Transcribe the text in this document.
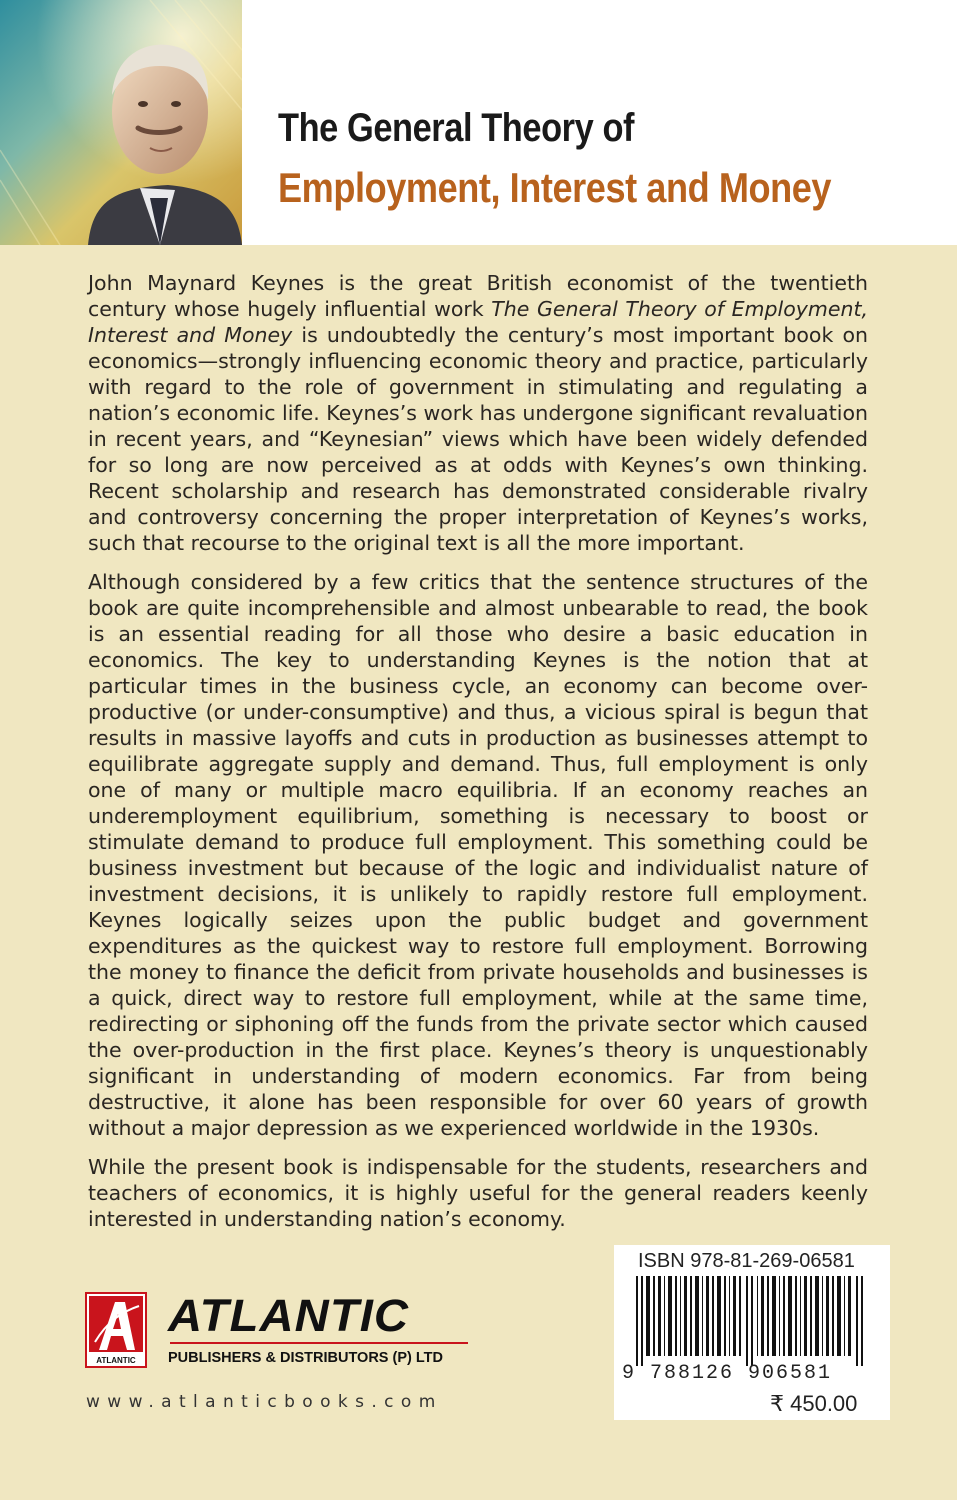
The General Theory of
Employment, Interest and Money

John Maynard Keynes is the great British economist of the twentieth century whose hugely influential work The General Theory of Employment, Interest and Money is undoubtedly the century’s most important book on economics—strongly influencing economic theory and practice, particularly with regard to the role of government in stimulating and regulating a nation’s economic life. Keynes’s work has undergone significant revaluation in recent years, and “Keynesian” views which have been widely defended for so long are now perceived as at odds with Keynes’s own thinking. Recent scholarship and research has demonstrated considerable rivalry and controversy concerning the proper interpretation of Keynes’s works, such that recourse to the original text is all the more important.

Although considered by a few critics that the sentence structures of the book are quite incomprehensible and almost unbearable to read, the book is an essential reading for all those who desire a basic education in economics. The key to understanding Keynes is the notion that at particular times in the business cycle, an economy can become over-productive (or under-consumptive) and thus, a vicious spiral is begun that results in massive layoffs and cuts in production as businesses attempt to equilibrate aggregate supply and demand. Thus, full employment is only one of many or multiple macro equilibria. If an economy reaches an underemployment equilibrium, something is necessary to boost or stimulate demand to produce full employment. This something could be business investment but because of the logic and individualist nature of investment decisions, it is unlikely to rapidly restore full employment. Keynes logically seizes upon the public budget and government expenditures as the quickest way to restore full employment. Borrowing the money to finance the deficit from private households and businesses is a quick, direct way to restore full employment, while at the same time, redirecting or siphoning off the funds from the private sector which caused the over-production in the first place. Keynes’s theory is unquestionably significant in understanding of modern economics. Far from being destructive, it alone has been responsible for over 60 years of growth without a major depression as we experienced worldwide in the 1930s.

While the present book is indispensable for the students, researchers and teachers of economics, it is highly useful for the general readers keenly interested in understanding nation’s economy.

ATLANTIC
ATLANTIC
PUBLISHERS & DISTRIBUTORS (P) LTD
www.atlanticbooks.com
ISBN 978-81-269-06581
9 788126 906581
₹ 450.00
